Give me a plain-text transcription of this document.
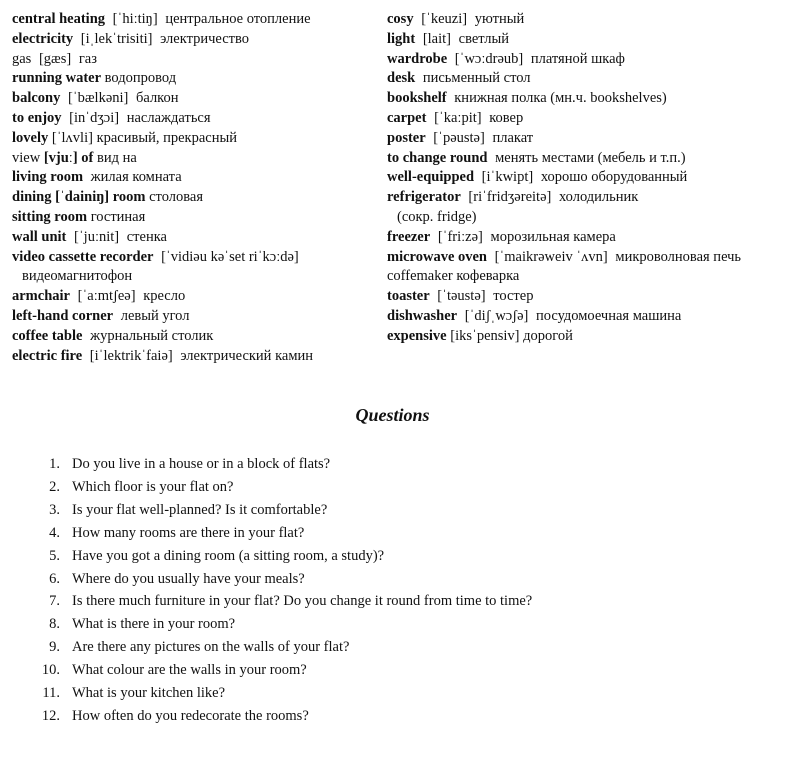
central heating [ˈhiːtiŋ] центральное отопление
electricity [iˌlekˈtrisiti] электричество
gas [gæs] газ
running water водопровод
balcony [ˈbælkəni] балкон
to enjoy [inˈdʒɔi] наслаждаться
lovely [ˈlʌvli] красивый, прекрасный
view [vjuː] of вид на
living room жилая комната
dining [ˈdainiŋ] room столовая
sitting room гостиная
wall unit [ˈjuːnit] стенка
video cassette recorder [ˈvidiəu kəˈset riˈkɔːdə]
видеомагнитофон
armchair [ˈaːmtʃeə] кресло
left-hand corner левый угол
coffee table журнальный столик
electric fire [iˈlektrikˈfaiə] электрический камин
cosy [ˈkeuzi] уютный
light [lait] светлый
wardrobe [ˈwɔːdrəub] платяной шкаф
desk письменный стол
bookshelf книжная полка (мн.ч. bookshelves)
carpet [ˈkaːpit] ковер
poster [ˈpəustə] плакат
to change round менять местами (мебель и т.п.)
well-equipped [iˈkwipt] хорошо оборудованный
refrigerator [riˈfridʒəreitə] холодильник
(сокр. fridge)
freezer [ˈfriːzə] морозильная камера
microwave oven [ˈmaikrəweiv ˈʌvn] микроволновая печь
coffemaker кофеварка
toaster [ˈtəustə] тостер
dishwasher [ˈdiʃˌwɔʃə] посудомоечная машина
expensive [iksˈpensiv] дорогой
Questions
1. Do you live in a house or in a block of flats?
2. Which floor is your flat on?
3. Is your flat well-planned? Is it comfortable?
4. How many rooms are there in your flat?
5. Have you got a dining room (a sitting room, a study)?
6. Where do you usually have your meals?
7. Is there much furniture in your flat? Do you change it round from time to time?
8. What is there in your room?
9. Are there any pictures on the walls of your flat?
10. What colour are the walls in your room?
11. What is your kitchen like?
12. How often do you redecorate the rooms?
